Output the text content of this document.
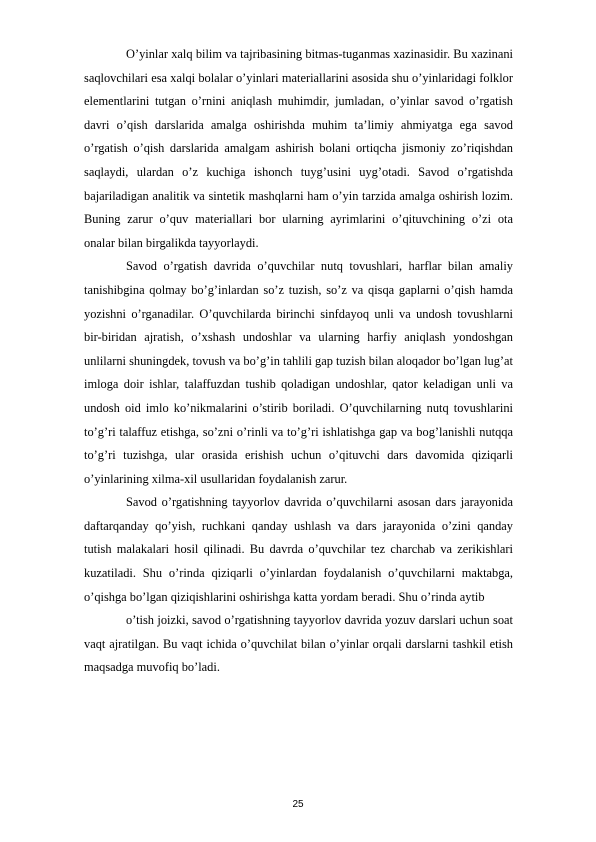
O’yinlar xalq bilim va tajribasining bitmas-tuganmas xazinasidir. Bu xazinani saqlovchilari esa xalqi bolalar o’yinlari materiallarini asosida shu o’yinlaridagi folklor elementlarini tutgan o’rnini aniqlash muhimdir, jumladan, o’yinlar savod o’rgatish davri o’qish darslarida amalga oshirishda muhim ta’limiy ahmiyatga ega savod o’rgatish o’qish darslarida amalgam ashirish bolani ortiqcha jismoniy zo’riqishdan saqlaydi, ulardan o’z kuchiga ishonch tuyg’usini uyg’otadi. Savod o’rgatishda bajariladigan analitik va sintetik mashqlarni ham o’yin tarzida amalga oshirish lozim. Buning zarur o’quv materiallari bor ularning ayrimlarini o’qituvchining o’zi ota onalar bilan birgalikda tayyorlaydi.

Savod o’rgatish davrida o’quvchilar nutq tovushlari, harflar bilan amaliy tanishibgina qolmay bo’g’inlardan so’z tuzish, so’z va qisqa gaplarni o’qish hamda yozishni o’rganadilar. O’quvchilarda birinchi sinfdayoq unli va undosh tovushlarni bir-biridan ajratish, o’xshash undoshlar va ularning harfiy aniqlash yondoshgan unlilarni shuningdek, tovush va bo’g’in tahlili gap tuzish bilan aloqador bo’lgan lug’at imloga doir ishlar, talaffuzdan tushib qoladigan undoshlar, qator keladigan unli va undosh oid imlo ko’nikmalarini o’stirib boriladi. O’quvchilarning nutq tovushlarini to’g’ri talaffuz etishga, so’zni o’rinli va to’g’ri ishlatishga gap va bog’lanishli nutqqa to’g’ri tuzishga, ular orasida erishish uchun o’qituvchi dars davomida qiziqarli o’yinlarining xilma-xil usullaridan foydalanish zarur.

Savod o’rgatishning tayyorlov davrida o’quvchilarni asosan dars jarayonida daftarqanday qo’yish, ruchkani qanday ushlash va dars jarayonida o’zini qanday tutish malakalari hosil qilinadi. Bu davrda o’quvchilar tez charchab va zerikishlari kuzatiladi. Shu o’rinda qiziqarli o’yinlardan foydalanish o’quvchilarni maktabga, o’qishga bo’lgan qiziqishlarini oshirishga katta yordam beradi. Shu o’rinda aytib

o’tish joizki, savod o’rgatishning tayyorlov davrida yozuv darslari uchun soat vaqt ajratilgan. Bu vaqt ichida o’quvchilat bilan o’yinlar orqali darslarni tashkil etish maqsadga muvofiq bo’ladi.

25
